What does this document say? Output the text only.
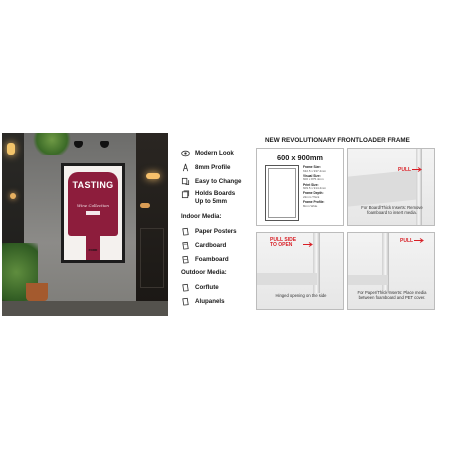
TASTING
Wine Collection
FOOD
Modern Look
8mm Profile
Easy to Change
Holds Boards Up to 5mm
Indoor Media:
Paper Posters
Cardboard
Foamboard
Outdoor Media:
Corflute
Alupanels
NEW REVOLUTIONARY FRONTLOADER FRAME
600 x 900mm
Frame Size:
632.5 x 937.4mm
Visual Size:
600 x 875.4mm
Print Size:
609.5 x 914.4mm
Frame Depth:
22mm Thick
Frame Profile:
8mm Wide
PULL
For Board/Thick Inserts: Remove foamboard to insert media.
PULL SIDE TO OPEN
Hinged opening on the side
PULL
For Paper/Thick Inserts: Place media between foamboard and PET cover.
